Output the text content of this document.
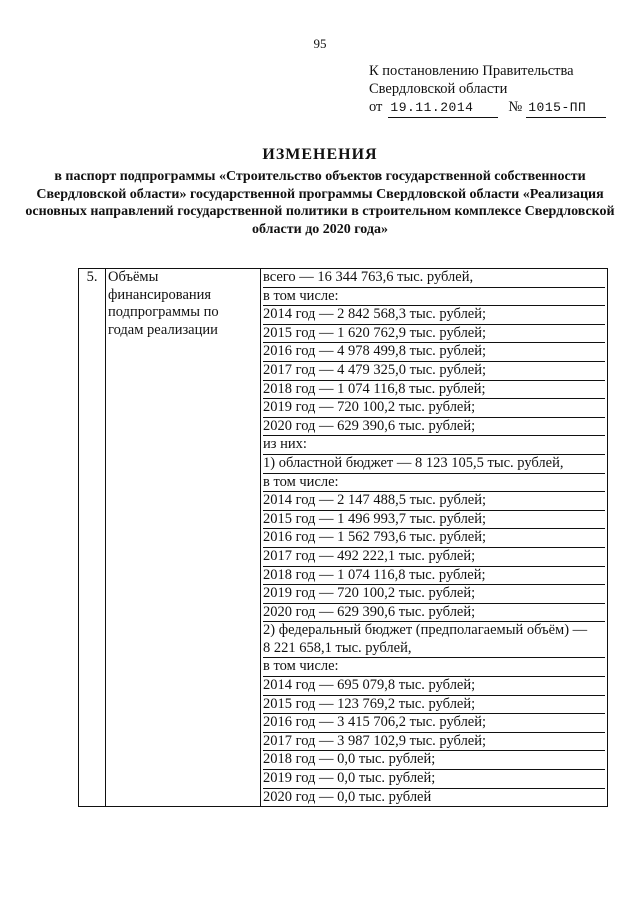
95
К постановлению Правительства
Свердловской области
от 19.11.2014	№ 1015-ПП
ИЗМЕНЕНИЯ
в паспорт подпрограммы «Строительство объектов государственной собственности Свердловской области» государственной программы Свердловской области «Реализация основных направлений государственной политики в строительном комплексе Свердловской области до 2020 года»
5.	Объёмы
финансирования
подпрограммы по
годам реализации

всего — 16 344 763,6 тыс. рублей,
в том числе:
2014 год — 2 842 568,3 тыс. рублей;
2015 год — 1 620 762,9 тыс. рублей;
2016 год — 4 978 499,8 тыс. рублей;
2017 год — 4 479 325,0 тыс. рублей;
2018 год — 1 074 116,8 тыс. рублей;
2019 год — 720 100,2 тыс. рублей;
2020 год — 629 390,6 тыс. рублей;
из них:
1) областной бюджет — 8 123 105,5 тыс. рублей,
в том числе:
2014 год — 2 147 488,5 тыс. рублей;
2015 год — 1 496 993,7 тыс. рублей;
2016 год — 1 562 793,6 тыс. рублей;
2017 год — 492 222,1 тыс. рублей;
2018 год — 1 074 116,8 тыс. рублей;
2019 год — 720 100,2 тыс. рублей;
2020 год — 629 390,6 тыс. рублей;
2) федеральный бюджет (предполагаемый объём) —
8 221 658,1 тыс. рублей,
в том числе:
2014 год — 695 079,8 тыс. рублей;
2015 год — 123 769,2 тыс. рублей;
2016 год — 3 415 706,2 тыс. рублей;
2017 год — 3 987 102,9 тыс. рублей;
2018 год — 0,0 тыс. рублей;
2019 год — 0,0 тыс. рублей;
2020 год — 0,0 тыс. рублей
